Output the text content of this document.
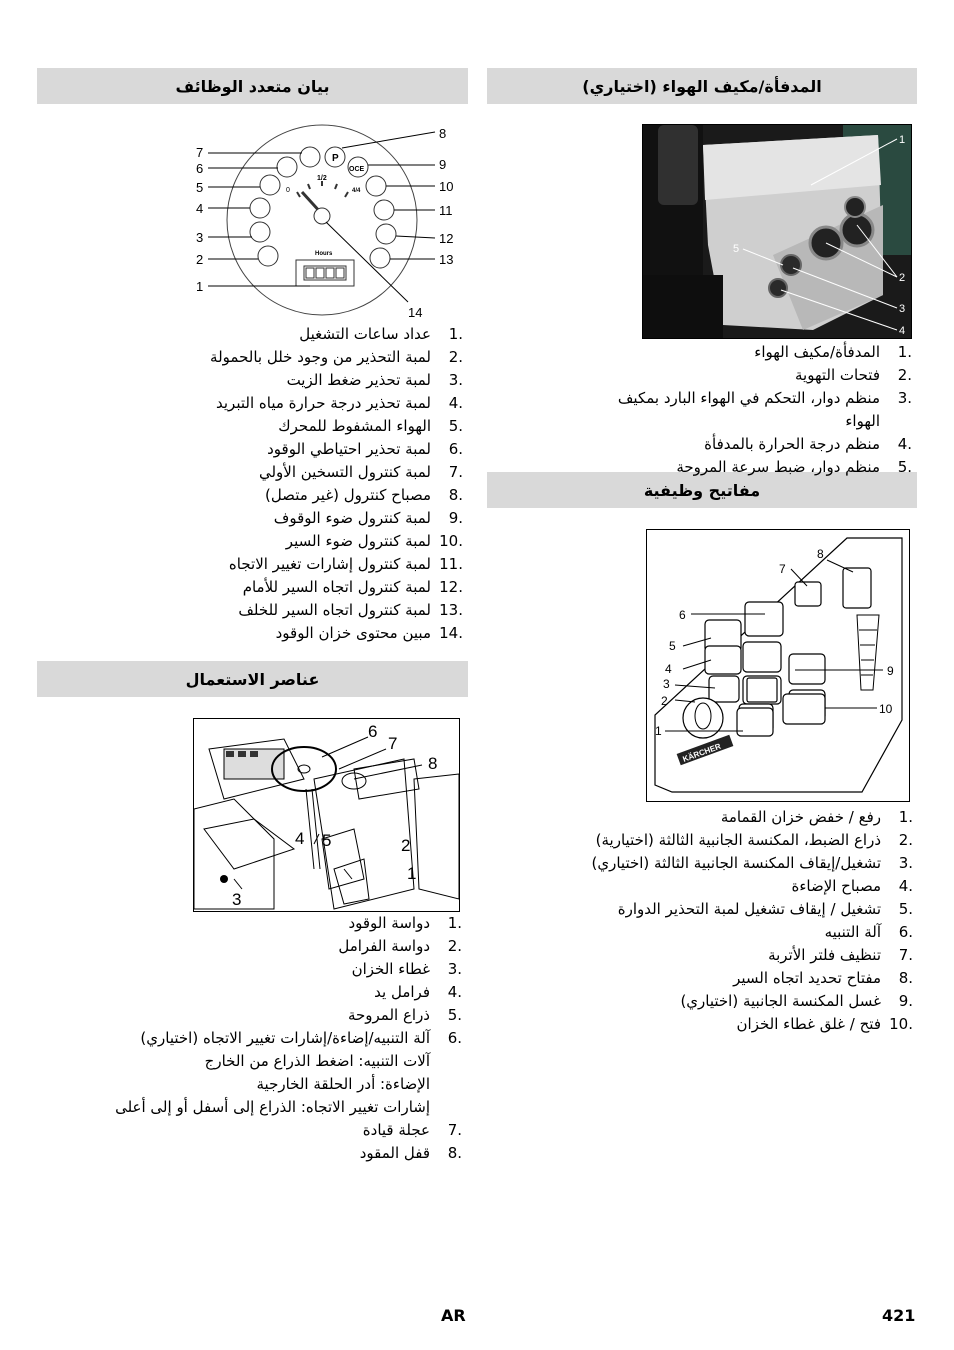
المدفأة/مكيف الهواء (اختياري)
بيان متعدد الوظائف
مفاتيح وظيفية
عناصر الاستعمال
1
2
3
4
5
1.
المدفأة/مكيف الهواء
2.
فتحات التهوية
3.
منظم دوار، التحكم في الهواء البارد بمكيف الهواء
4.
منظم درجة الحرارة بالمدفأة
5.
منظم دوار، ضبط سرعة المروحة
P
OCE
0
1/2
4/4
Hours
7
6
5
4
3
2
1
8
9
10
11
12
13
14
1.
عداد ساعات التشغيل
2.
لمبة التحذير من وجود خلل بالحمولة
3.
لمبة تحذير ضغط الزيت
4.
لمبة تحذير درجة حرارة مياه التبريد
5.
الهواء المشفوط للمحرك
6.
لمبة تحذير احتياطي الوقود
7.
لمبة كنترول التسخين الأولي
8.
مصباح كنترول (غير متصل)
9.
لمبة كنترول ضوء الوقوف
10.
لمبة كنترول ضوء السير
11.
لمبة كنترول إشارات تغيير الاتجاه
12.
لمبة كنترول اتجاه السير للأمام
13.
لمبة كنترول اتجاه السير للخلف
14.
مبين محتوى خزان الوقود
KÄRCHER
6
5
4
3
2
1
7
8
9
10
1.
رفع / خفض خزان القمامة
2.
ذراع الضبط، المكنسة الجانبية الثالثة (اختيارية)
3.
تشغيل/إيقاف المكنسة الجانبية الثالثة (اختياري)
4.
مصباح الإضاءة
5.
تشغيل / إيقاف تشغيل لمبة التحذير الدوارة
6.
آلة التنبيه
7.
تنظيف فلتر الأتربة
8.
مفتاح تحديد اتجاه السير
9.
غسل المكنسة الجانبية (اختياري)
10.
فتح / غلق غطاء الخزان
6
7
8
4 5	2
1
3
1.
دواسة الوقود
2.
دواسة الفرامل
3.
غطاء الخزان
4.
فرامل يد
5.
ذراع المروحة
6.
آلة التنبيه/إضاءة/إشارات تغيير الاتجاه (اختياري)
آلات التنبيه: اضغط الذراع من الخارج
الإضاءة: أدر الحلقة الخارجية
إشارات تغيير الاتجاه: الذراع إلى أسفل أو إلى أعلى
7.
عجلة قيادة
8.
قفل المقود
AR	421
